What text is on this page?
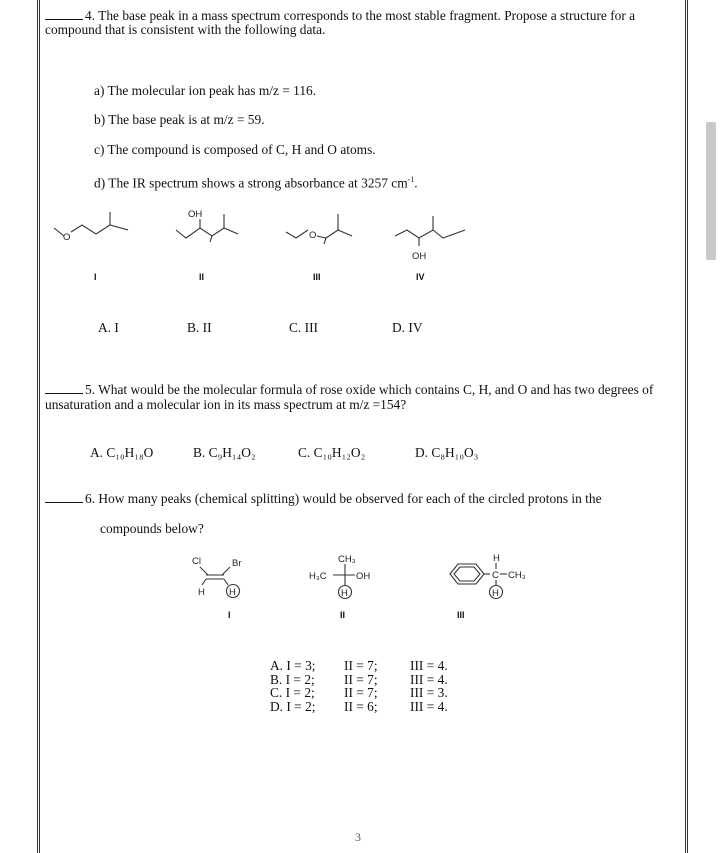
4. The base peak in a mass spectrum corresponds to the most stable fragment. Propose a structure for a
compound that is consistent with the following data.
a) The molecular ion peak has m/z = 116.
b) The base peak is at m/z = 59.
c) The compound is composed of C, H and O atoms.
d) The IR spectrum shows a strong absorbance at 3257 $cm^{-1}$.
O
I
OH
II
O
III
OH
IV
A. I	B. II	C. III	D. IV
5. What would be the molecular formula of rose oxide which contains C, H, and O and has two degrees of
unsaturation and a molecular ion in its mass spectrum at m/z =154?
A. C₁₀H₁₈O	B. C₉H₁₄O₂	C. C₁₀H₁₂O₂	D. C₈H₁₀O₃
6. How many peaks (chemical splitting) would be observed for each of the circled protons in the
compounds below?
Cl	Br
H	H
I
CH₃
H₃C	OH
H
II
H
C CH₃
H
III
A. I = 3;	II = 7;	III = 4.
B. I = 2;	II = 7;	III = 4.
C. I = 2;	II = 7;	III = 3.
D. I = 2;	II = 6;	III = 4.
3
